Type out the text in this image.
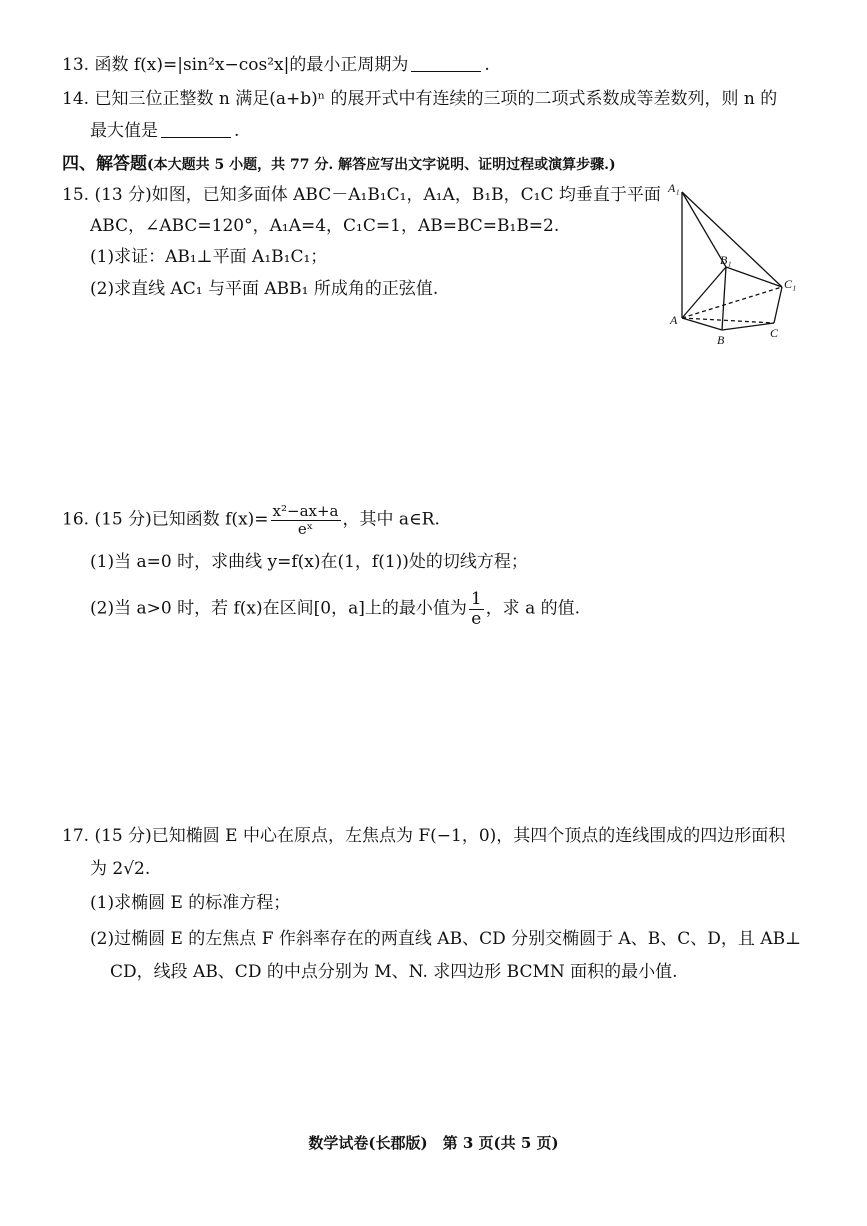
13. 函数 f(x)=|sin²x−cos²x|的最小正周期为	.
14. 已知三位正整数 n 满足(a+b)ⁿ 的展开式中有连续的三项的二项式系数成等差数列，则 n 的
最大值是	.
四、解答题(本大题共 5 小题，共 77 分. 解答应写出文字说明、证明过程或演算步骤.)
15. (13 分)如图，已知多面体 ABC－A₁B₁C₁，A₁A，B₁B，C₁C 均垂直于平面
ABC，∠ABC=120°，A₁A=4，C₁C=1，AB=BC=B₁B=2.
(1)求证：AB₁⊥平面 A₁B₁C₁；
(2)求直线 AC₁ 与平面 ABB₁ 所成角的正弦值.
A₁
B₁
C₁
A
B	C
16. (15 分)已知函数 $f(x)= \frac{\text{x²−ax+a}}{\text{eˣ}}$ ，其中 a∈R.
(1)当 a=0 时，求曲线 y=f(x)在(1，f(1))处的切线方程；
(2)当 a>0 时，若 f(x)在区间[0，a]上的最小值为 $\frac{1}{e}$ ，求 a 的值.
17. (15 分)已知椭圆 E 中心在原点，左焦点为 F(−1，0)，其四个顶点的连线围成的四边形面积
为 2√2.
(1)求椭圆 E 的标准方程；
(2)过椭圆 E 的左焦点 F 作斜率存在的两直线 AB、CD 分别交椭圆于 A、B、C、D，且 AB⊥
CD，线段 AB、CD 的中点分别为 M、N. 求四边形 BCMN 面积的最小值.
数学试卷(长郡版)　第 3 页(共 5 页)
